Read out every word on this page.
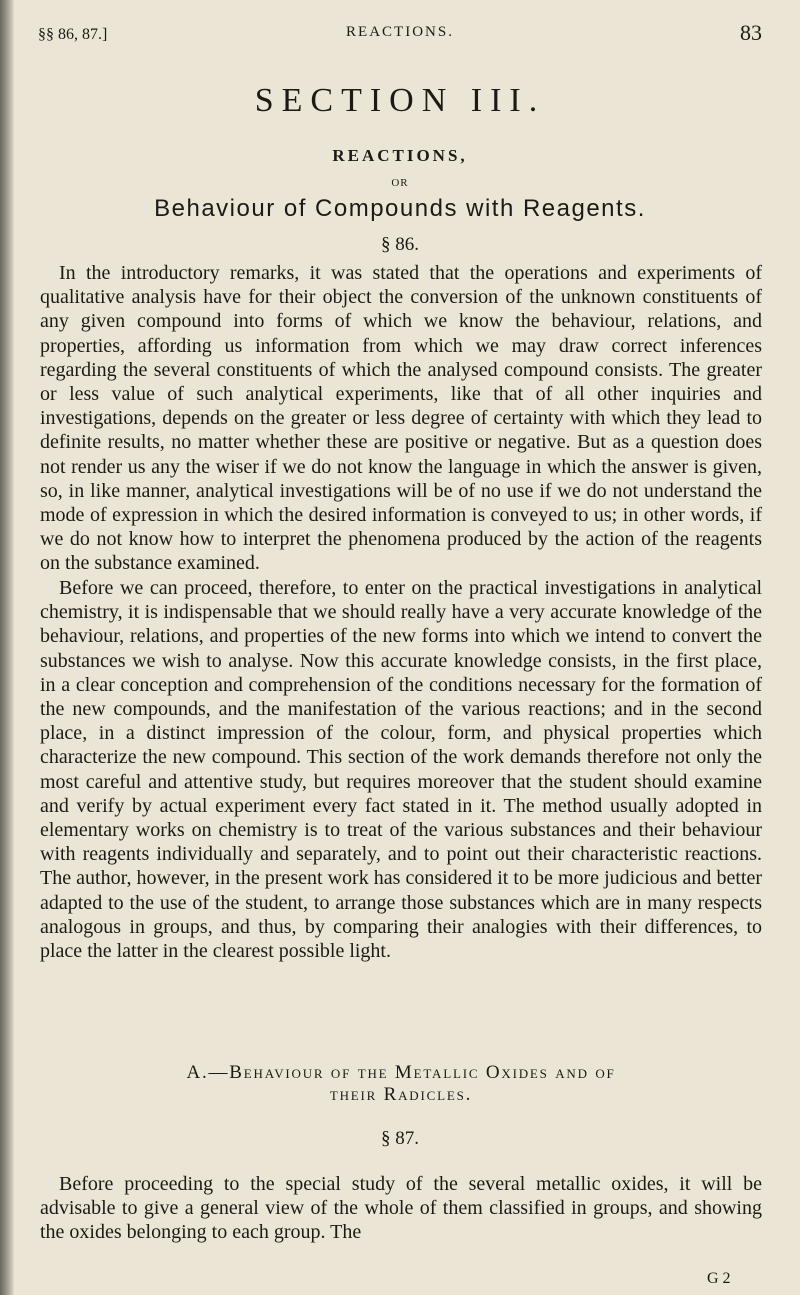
§§ 86, 87.]	REACTIONS.	83
SECTION III.
REACTIONS,
OR
Behaviour of Compounds with Reagents.
§ 86.

In the introductory remarks, it was stated that the operations and experiments of qualitative analysis have for their object the conversion of the unknown constituents of any given compound into forms of which we know the behaviour, relations, and properties, affording us information from which we may draw correct inferences regarding the several constituents of which the analysed compound consists. The greater or less value of such analytical experiments, like that of all other inquiries and investigations, depends on the greater or less degree of certainty with which they lead to definite results, no matter whether these are positive or negative. But as a question does not render us any the wiser if we do not know the language in which the answer is given, so, in like manner, analytical investigations will be of no use if we do not understand the mode of expression in which the desired information is conveyed to us; in other words, if we do not know how to interpret the phenomena produced by the action of the reagents on the substance examined.

Before we can proceed, therefore, to enter on the practical investigations in analytical chemistry, it is indispensable that we should really have a very accurate knowledge of the behaviour, relations, and properties of the new forms into which we intend to convert the substances we wish to analyse. Now this accurate knowledge consists, in the first place, in a clear conception and comprehension of the conditions necessary for the formation of the new compounds, and the manifestation of the various reactions; and in the second place, in a distinct impression of the colour, form, and physical properties which characterize the new compound. This section of the work demands therefore not only the most careful and attentive study, but requires moreover that the student should examine and verify by actual experiment every fact stated in it. The method usually adopted in elementary works on chemistry is to treat of the various substances and their behaviour with reagents individually and separately, and to point out their characteristic reactions. The author, however, in the present work has considered it to be more judicious and better adapted to the use of the student, to arrange those substances which are in many respects analogous in groups, and thus, by comparing their analogies with their differences, to place the latter in the clearest possible light.

A.—Behaviour of the Metallic Oxides and of
their Radicles.
§ 87.

Before proceeding to the special study of the several metallic oxides, it will be advisable to give a general view of the whole of them classified in groups, and showing the oxides belonging to each group. The

G 2
